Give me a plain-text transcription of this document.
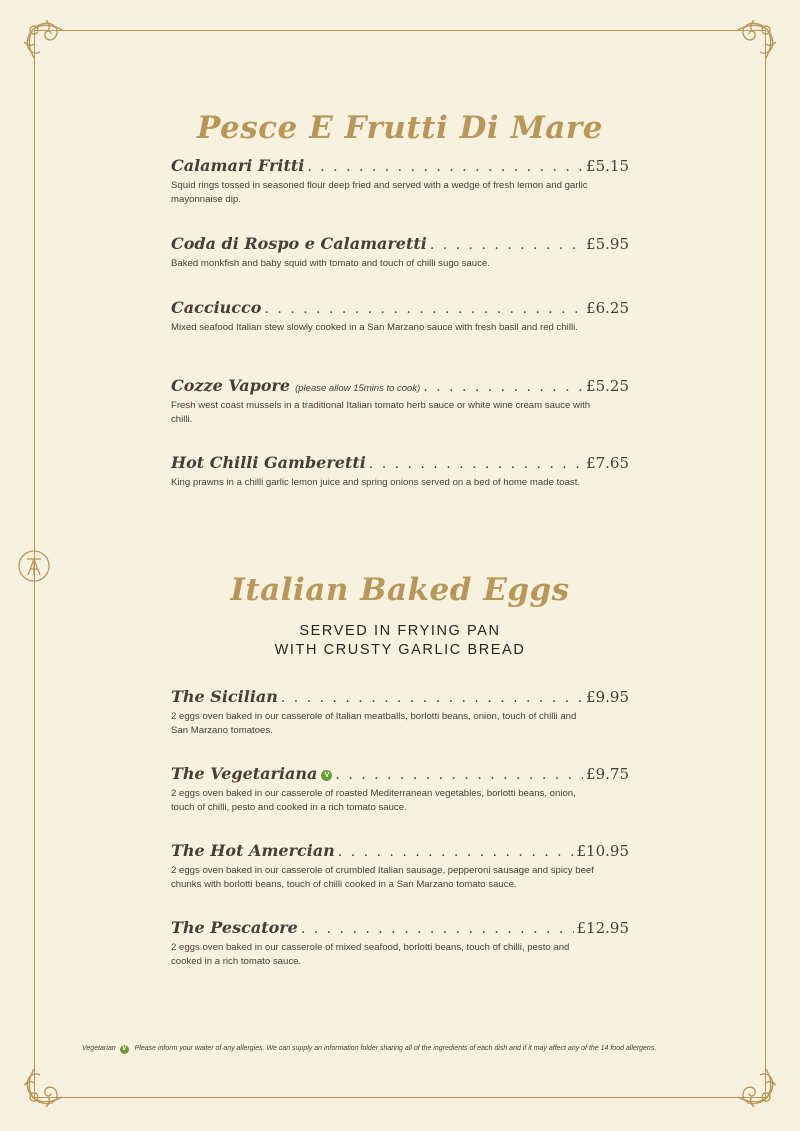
Pesce E Frutti Di Mare
Calamari Fritti . . .	£5.15
Squid rings tossed in seasoned flour deep fried and served with a wedge of fresh lemon and garlic mayonnaise dip.
Coda di Rospo e Calamaretti . . .	£5.95
Baked monkfish and baby squid with tomato and touch of chilli sugo sauce.
Cacciucco . . .	£6.25
Mixed seafood Italian stew slowly cooked in a San Marzano sauce with fresh basil and red chilli.
Cozze Vapore (please allow 15mins to cook) . . .	£5.25
Fresh west coast mussels in a traditional Italian tomato herb sauce or white wine cream sauce with chilli.
Hot Chilli Gamberetti . . .	£7.65
King prawns in a chilli garlic lemon juice and spring onions served on a bed of home made toast.
Italian Baked Eggs
SERVED IN FRYING PAN
WITH CRUSTY GARLIC BREAD
The Sicilian . . .	£9.95
2 eggs oven baked in our casserole of Italian meatballs, borlotti beans, onion, touch of chilli and San Marzano tomatoes.
The Vegetariana	V . . .	£9.75
2 eggs oven baked in our casserole of roasted Mediterranean vegetables, borlotti beans, onion, touch of chilli, pesto and cooked in a rich tomato sauce.
The Hot Amercian . . .	£10.95
2 eggs oven baked in our casserole of crumbled Italian sausage, pepperoni sausage and spicy beef chunks with borlotti beans, touch of chilli cooked in a San Marzano tomato sauce.
The Pescatore . . .	£12.95
2 eggs oven baked in our casserole of mixed seafood, borlotti beans, touch of chilli, pesto and cooked in a rich tomato sauce.
Vegetarian V Please inform your waiter of any allergies. We can supply an information folder sharing all of the ingredients of each dish and if it may affect any of the 14 food allergens.
